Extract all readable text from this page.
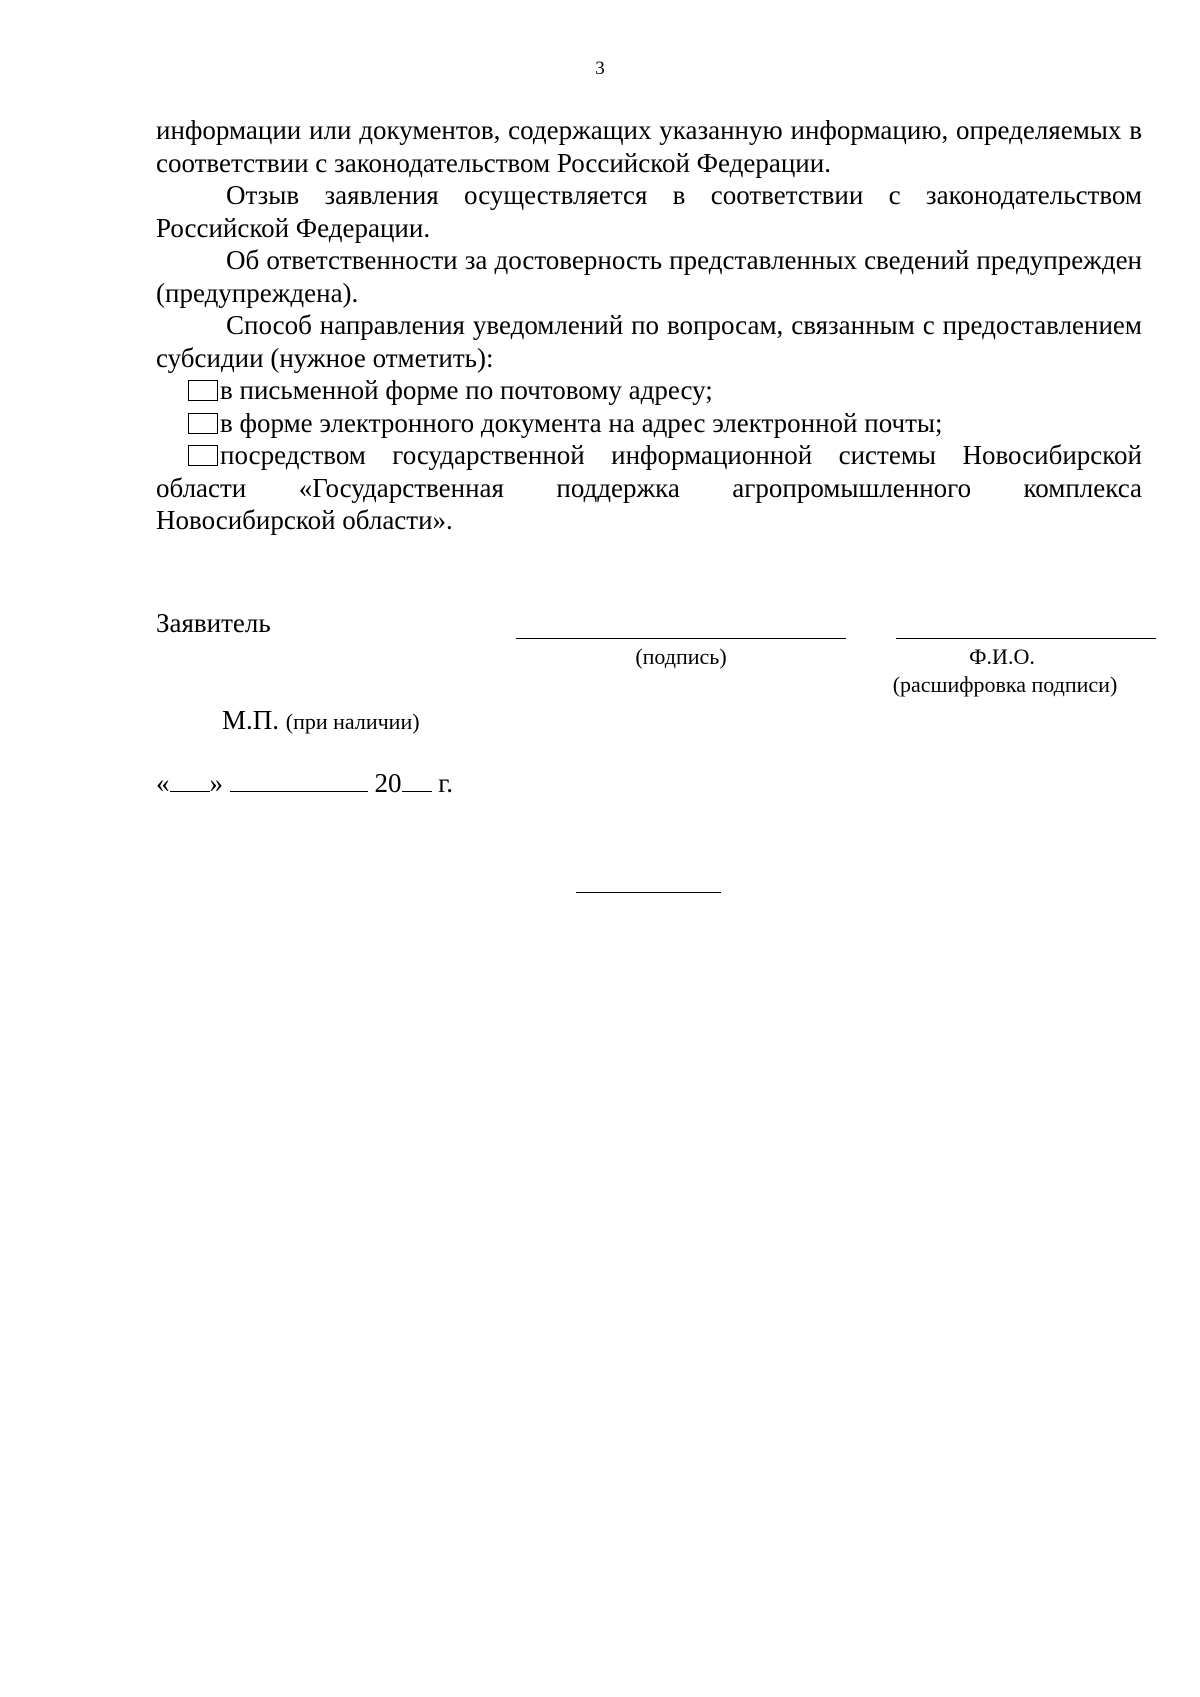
3

информации или документов, содержащих указанную информацию, определяемых в соответствии с законодательством Российской Федерации.

Отзыв заявления осуществляется в соответствии с законодательством Российской Федерации.

Об ответственности за достоверность представленных сведений предупрежден (предупреждена).

Способ направления уведомлений по вопросам, связанным с предоставлением субсидии (нужное отметить):

в письменной форме по почтовому адресу;

в форме электронного документа на адрес электронной почты;

посредством государственной информационной системы Новосибирской области «Государственная поддержка агропромышленного комплекса Новосибирской области».

Заявитель
(подпись)	Ф.И.О.
(расшифровка подписи)
М.П. (при наличии)
« »	20 г.
